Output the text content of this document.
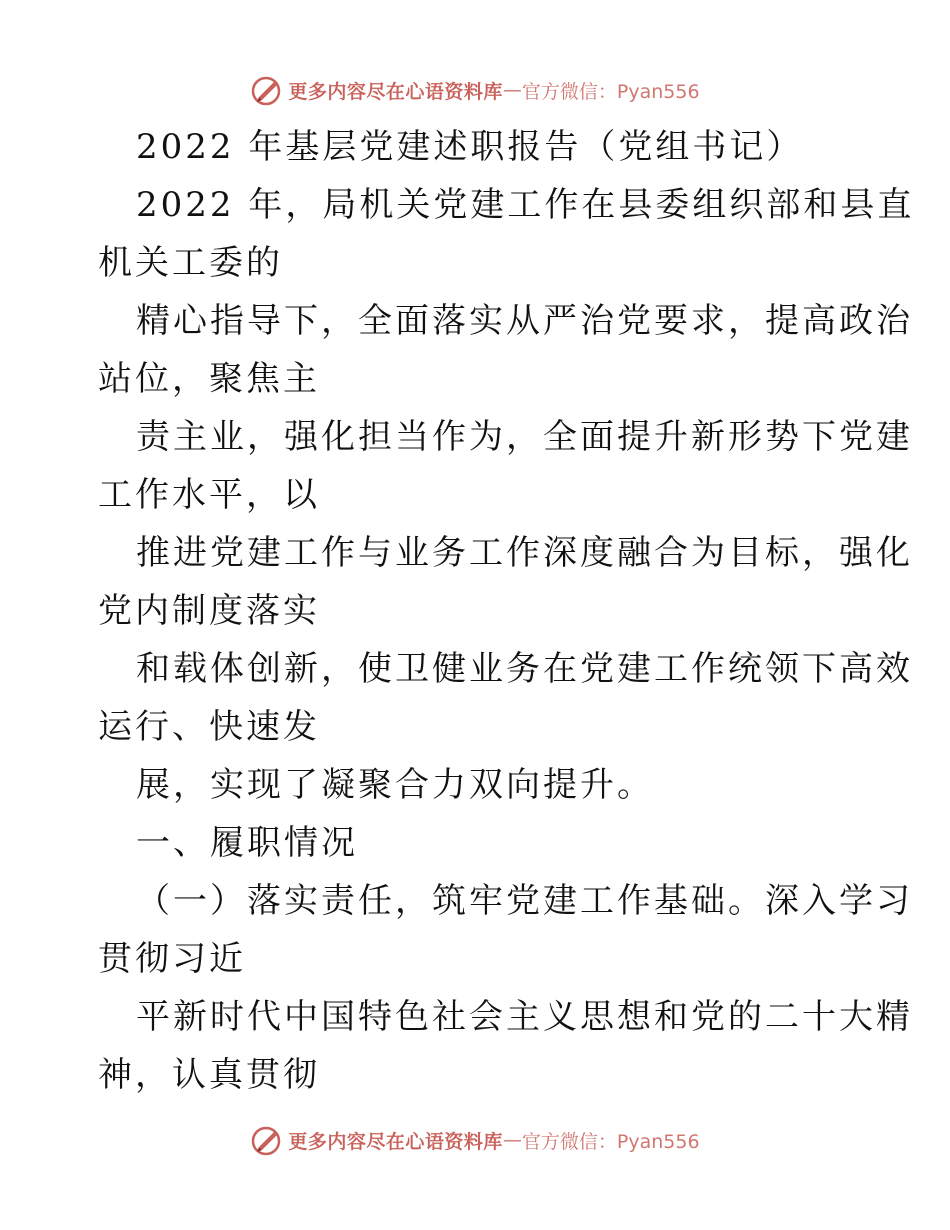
更多内容尽在心语资料库 — 官方微信：Pyan556
2022 年基层党建述职报告（党组书记）
2022 年，局机关党建工作在县委组织部和县直
机关工委的
精心指导下，全面落实从严治党要求，提高政治
站位，聚焦主
责主业，强化担当作为，全面提升新形势下党建
工作水平，以
推进党建工作与业务工作深度融合为目标，强化
党内制度落实
和载体创新，使卫健业务在党建工作统领下高效
运行、快速发
展，实现了凝聚合力双向提升。
一、履职情况
（一）落实责任，筑牢党建工作基础。深入学习
贯彻习近
平新时代中国特色社会主义思想和党的二十大精
神，认真贯彻
更多内容尽在心语资料库 — 官方微信：Pyan556
